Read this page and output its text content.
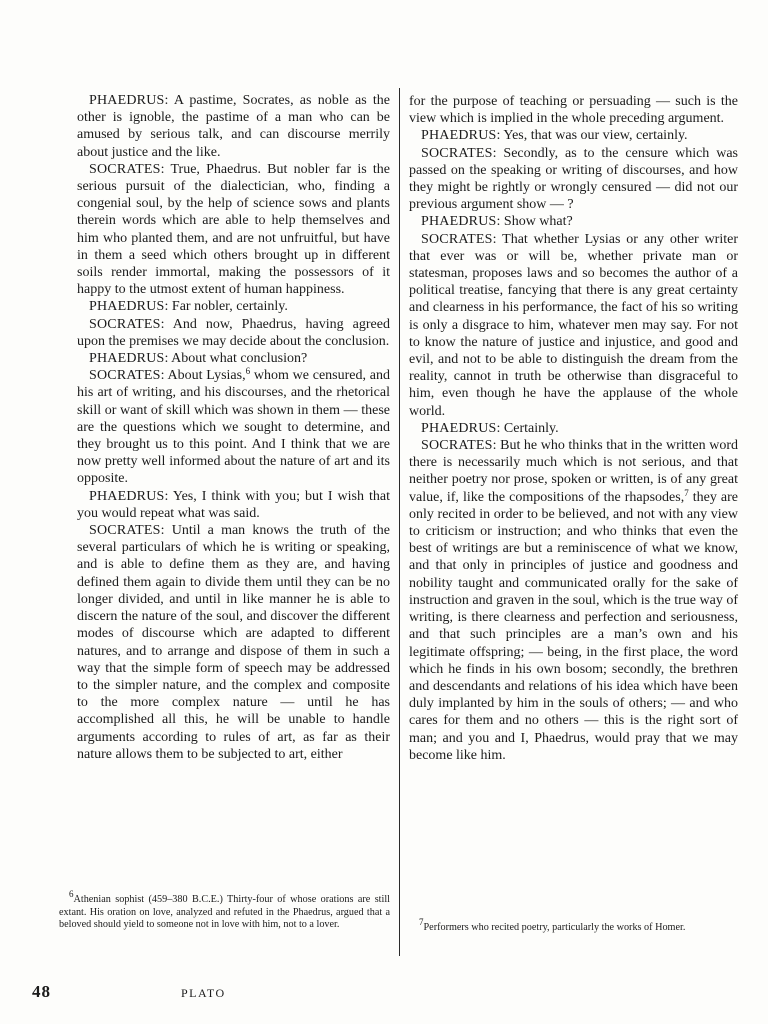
PHAEDRUS: A pastime, Socrates, as noble as the other is ignoble, the pastime of a man who can be amused by serious talk, and can discourse merrily about justice and the like.

SOCRATES: True, Phaedrus. But nobler far is the serious pursuit of the dialectician, who, finding a congenial soul, by the help of science sows and plants therein words which are able to help themselves and him who planted them, and are not unfruitful, but have in them a seed which others brought up in different soils render immortal, making the possessors of it happy to the utmost extent of human happiness.

PHAEDRUS: Far nobler, certainly.

SOCRATES: And now, Phaedrus, having agreed upon the premises we may decide about the conclusion.

PHAEDRUS: About what conclusion?

SOCRATES: About Lysias,$^6$ whom we censured, and his art of writing, and his discourses, and the rhetorical skill or want of skill which was shown in them — these are the questions which we sought to determine, and they brought us to this point. And I think that we are now pretty well informed about the nature of art and its opposite.

PHAEDRUS: Yes, I think with you; but I wish that you would repeat what was said.

SOCRATES: Until a man knows the truth of the several particulars of which he is writing or speaking, and is able to define them as they are, and having defined them again to divide them until they can be no longer divided, and until in like manner he is able to discern the nature of the soul, and discover the different modes of discourse which are adapted to different natures, and to arrange and dispose of them in such a way that the simple form of speech may be addressed to the simpler nature, and the complex and composite to the more complex nature — until he has accomplished all this, he will be unable to handle arguments according to rules of art, as far as their nature allows them to be subjected to art, either

for the purpose of teaching or persuading — such is the view which is implied in the whole preceding argument.

PHAEDRUS: Yes, that was our view, certainly.

SOCRATES: Secondly, as to the censure which was passed on the speaking or writing of discourses, and how they might be rightly or wrongly censured — did not our previous argument show — ?

PHAEDRUS: Show what?

SOCRATES: That whether Lysias or any other writer that ever was or will be, whether private man or statesman, proposes laws and so becomes the author of a political treatise, fancying that there is any great certainty and clearness in his performance, the fact of his so writing is only a disgrace to him, whatever men may say. For not to know the nature of justice and injustice, and good and evil, and not to be able to distinguish the dream from the reality, cannot in truth be otherwise than disgraceful to him, even though he have the applause of the whole world.

PHAEDRUS: Certainly.

SOCRATES: But he who thinks that in the written word there is necessarily much which is not serious, and that neither poetry nor prose, spoken or written, is of any great value, if, like the compositions of the rhapsodes,$^7$ they are only recited in order to be believed, and not with any view to criticism or instruction; and who thinks that even the best of writings are but a reminiscence of what we know, and that only in principles of justice and goodness and nobility taught and communicated orally for the sake of instruction and graven in the soul, which is the true way of writing, is there clearness and perfection and seriousness, and that such principles are a man’s own and his legitimate offspring; — being, in the first place, the word which he finds in his own bosom; secondly, the brethren and descendants and relations of his idea which have been duly implanted by him in the souls of others; — and who cares for them and no others — this is the right sort of man; and you and I, Phaedrus, would pray that we may become like him.

$^6$Athenian sophist (459–380 B.C.E.) Thirty-four of whose orations are still extant. His oration on love, analyzed and refuted in the Phaedrus, argued that a beloved should yield to someone not in love with him, not to a lover.	$^7$Performers who recited poetry, particularly the works of Homer.

48	PLATO
